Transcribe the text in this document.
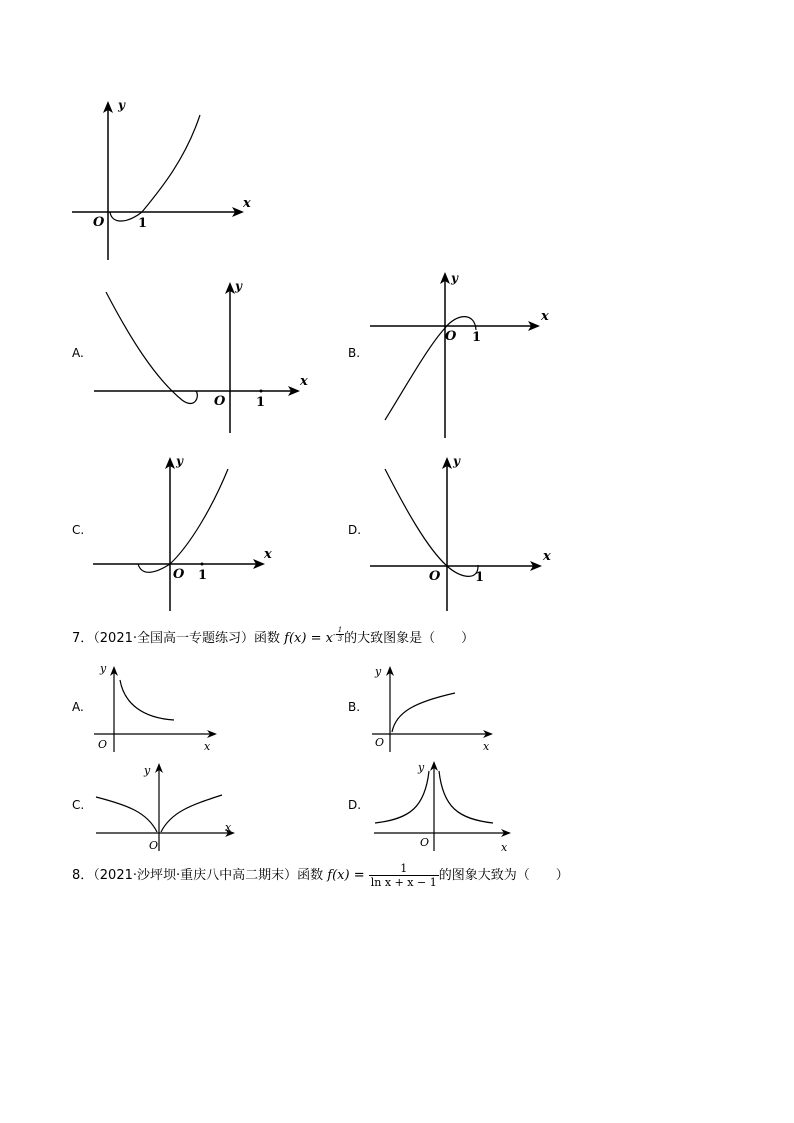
y
x
O	1
A.
y
x
O 1
B.
y
x
O 1
C.
y
x
O 1
D.
y
x
O	1
7．（2021·全国高一专题练习）函数 $f(x) = x^{- \frac{1}{3}}$ 的大致图象是（　　）
A.
y
x
O
B.
y
x
O
C.
y
x
O
D.
y
x
O
8．（2021·沙坪坝·重庆八中高二期末）函数 $f(x) = \frac{1}{\text{ln x + x − 1}}$ 的图象大致为（　　）
